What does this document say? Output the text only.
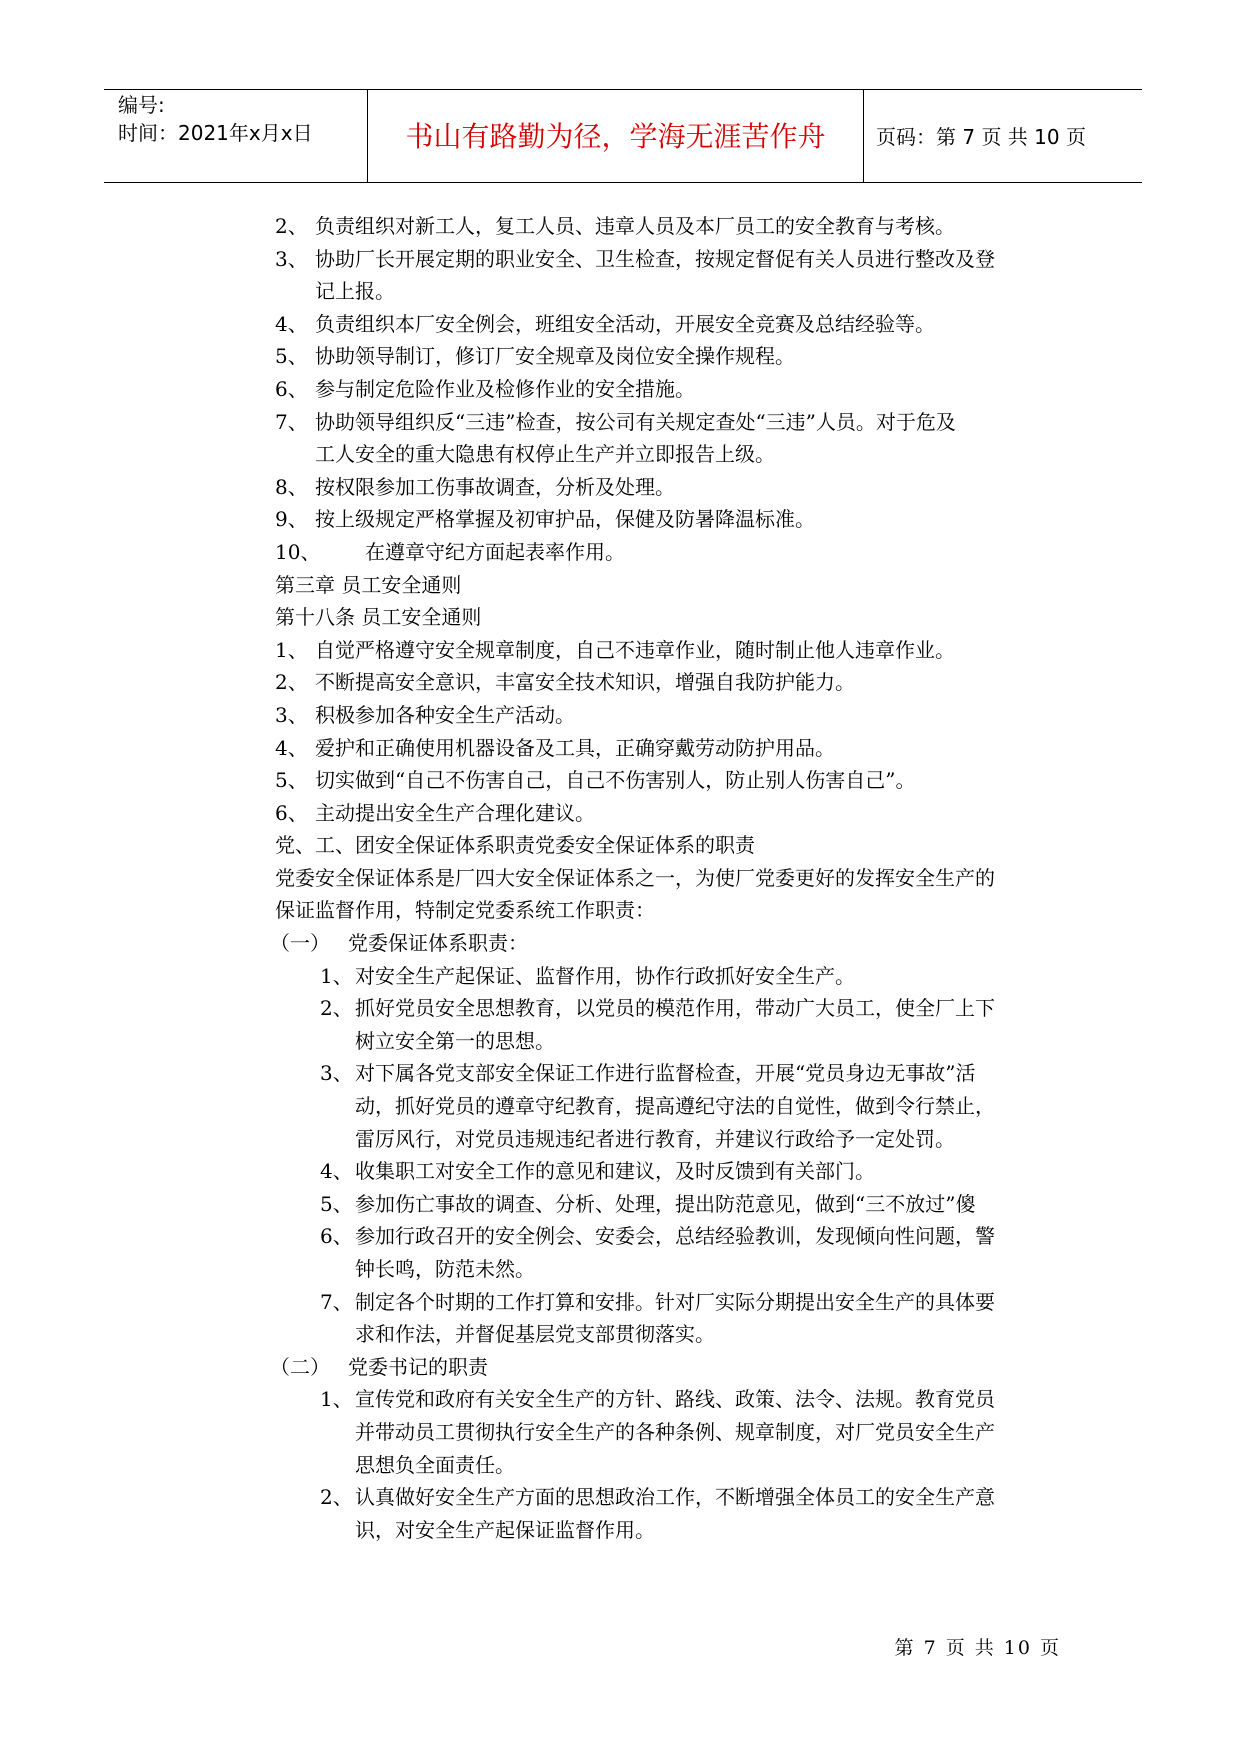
编号:
时间：2021年x月x日	书山有路勤为径，学海无涯苦作舟	页码：第 7 页 共 10 页
2、 负责组织对新工人，复工人员、违章人员及本厂员工的安全教育与考核。
3、 协助厂长开展定期的职业安全、卫生检查，按规定督促有关人员进行整改及登
记上报。
4、 负责组织本厂安全例会，班组安全活动，开展安全竞赛及总结经验等。
5、 协助领导制订，修订厂安全规章及岗位安全操作规程。
6、 参与制定危险作业及检修作业的安全措施。
7、 协助领导组织反“三违”检查，按公司有关规定查处“三违”人员。对于危及
工人安全的重大隐患有权停止生产并立即报告上级。
8、 按权限参加工伤事故调查，分析及处理。
9、 按上级规定严格掌握及初审护品，保健及防暑降温标准。
10、 在遵章守纪方面起表率作用。
第三章 员工安全通则
第十八条 员工安全通则
1、 自觉严格遵守安全规章制度，自己不违章作业，随时制止他人违章作业。
2、 不断提高安全意识，丰富安全技术知识，增强自我防护能力。
3、 积极参加各种安全生产活动。
4、 爱护和正确使用机器设备及工具，正确穿戴劳动防护用品。
5、 切实做到“自己不伤害自己，自己不伤害别人，防止别人伤害自己”。
6、 主动提出安全生产合理化建议。
党、工、团安全保证体系职责党委安全保证体系的职责
党委安全保证体系是厂四大安全保证体系之一，为使厂党委更好的发挥安全生产的
保证监督作用，特制定党委系统工作职责：
（一） 党委保证体系职责：
1、 对安全生产起保证、监督作用，协作行政抓好安全生产。
2、 抓好党员安全思想教育，以党员的模范作用，带动广大员工，使全厂上下
树立安全第一的思想。
3、 对下属各党支部安全保证工作进行监督检查，开展“党员身边无事故”活
动，抓好党员的遵章守纪教育，提高遵纪守法的自觉性，做到令行禁止，
雷厉风行，对党员违规违纪者进行教育，并建议行政给予一定处罚。
4、 收集职工对安全工作的意见和建议，及时反馈到有关部门。
5、 参加伤亡事故的调查、分析、处理，提出防范意见，做到“三不放过”傻
6、 参加行政召开的安全例会、安委会，总结经验教训，发现倾向性问题，警
钟长鸣，防范未然。
7、 制定各个时期的工作打算和安排。针对厂实际分期提出安全生产的具体要
求和作法，并督促基层党支部贯彻落实。
（二） 党委书记的职责
1、 宣传党和政府有关安全生产的方针、路线、政策、法令、法规。教育党员
并带动员工贯彻执行安全生产的各种条例、规章制度，对厂党员安全生产
思想负全面责任。
2、 认真做好安全生产方面的思想政治工作，不断增强全体员工的安全生产意
识，对安全生产起保证监督作用。
第 7 页 共 10 页
